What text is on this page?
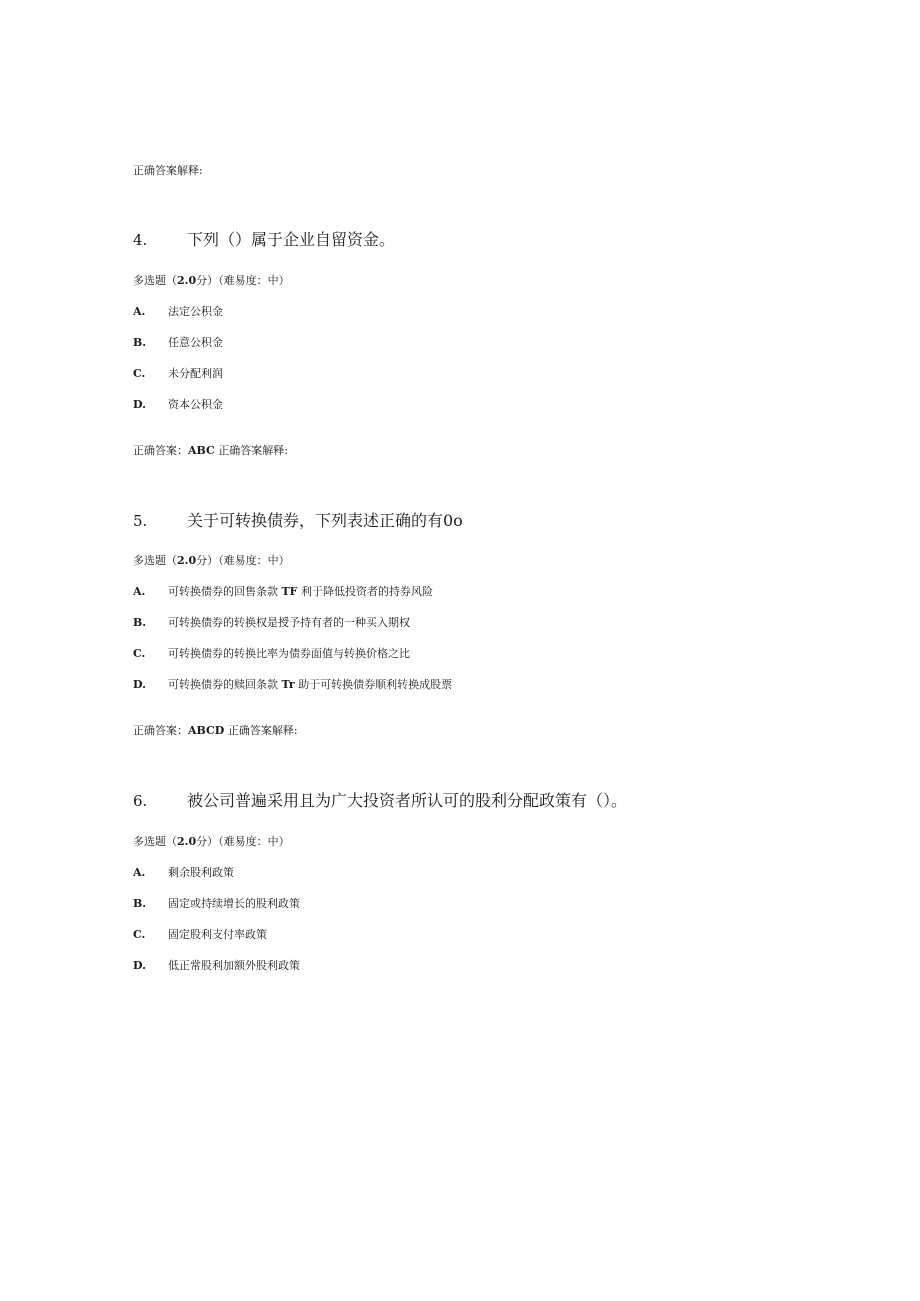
正确答案解释:
4. 下列（）属于企业自留资金。
多选题（2.0分）（难易度：中）
A. 法定公积金
B. 任意公积金
C. 未分配利润
D. 资本公积金
正确答案：ABC 正确答案解释:
5. 关于可转换债券，下列表述正确的有0o
多选题（2.0分）（难易度：中）
A. 可转换债券的回售条款 TF 利于降低投资者的持券风险
B. 可转换债券的转换权是授予持有者的一种买入期权
C. 可转换债券的转换比率为债券面值与转换价格之比
D. 可转换债券的赎回条款 Tr 助于可转换债券顺利转换成股票
正确答案：ABCD 正确答案解释:
6. 被公司普遍采用且为广大投资者所认可的股利分配政策有（）。
多选题（2.0分）（难易度：中）
A. 剩余股利政策
B. 固定或持续增长的股利政策
C. 固定股利支付率政策
D. 低正常股利加额外股利政策
